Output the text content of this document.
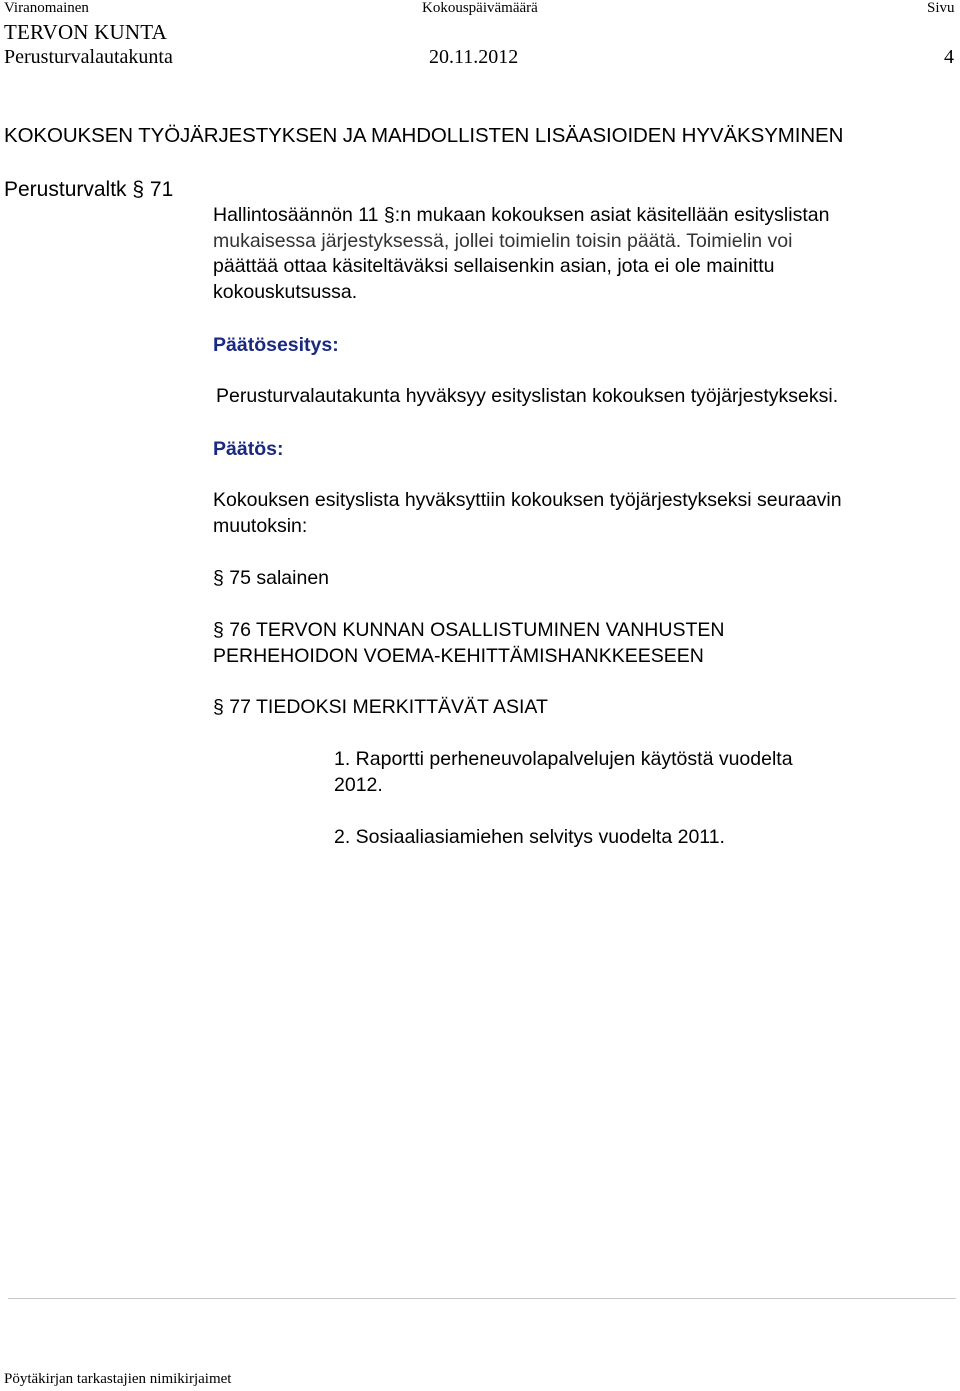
Viranomainen	Kokouspäivämäärä	Sivu
TERVON KUNTA
Perusturvalautakunta	20.11.2012	4
KOKOUKSEN TYÖJÄRJESTYKSEN JA MAHDOLLISTEN LISÄASIOIDEN HYVÄKSYMINEN
Perusturvaltk § 71
Hallintosäännön 11 §:n mukaan kokouksen asiat käsitellään esityslistan
mukaisessa järjestyksessä, jollei toimielin toisin päätä. Toimielin voi
päättää ottaa käsiteltäväksi sellaisenkin asian, jota ei ole mainittu
kokouskutsussa.
Päätösesitys:
Perusturvalautakunta hyväksyy esityslistan kokouksen työjärjestykseksi.
Päätös:
Kokouksen esityslista hyväksyttiin kokouksen työjärjestykseksi seuraavin
muutoksin:
§ 75 salainen
§ 76 TERVON KUNNAN OSALLISTUMINEN VANHUSTEN
PERHEHOIDON VOEMA-KEHITTÄMISHANKKEESEEN
§ 77 TIEDOKSI MERKITTÄVÄT ASIAT
1. Raportti perheneuvolapalvelujen käytöstä vuodelta
2012.
2. Sosiaaliasiamiehen selvitys vuodelta 2011.
Pöytäkirjan tarkastajien nimikirjaimet
